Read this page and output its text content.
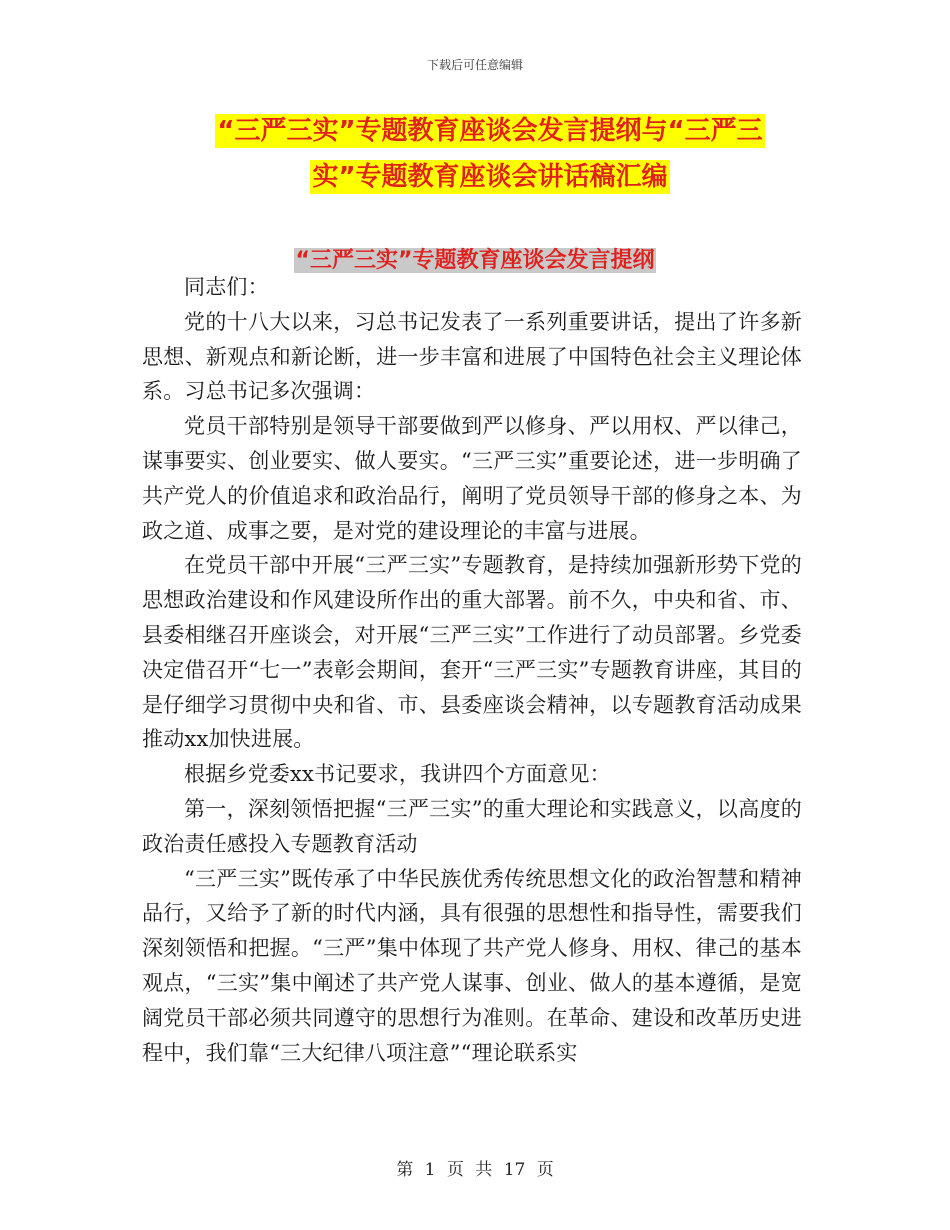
下载后可任意编辑
“三严三实”专题教育座谈会发言提纲与“三严三
实”专题教育座谈会讲话稿汇编
“三严三实”专题教育座谈会发言提纲

同志们：

党的十八大以来，习总书记发表了一系列重要讲话，提出了许多新思想、新观点和新论断，进一步丰富和进展了中国特色社会主义理论体系。习总书记多次强调：

党员干部特别是领导干部要做到严以修身、严以用权、严以律己，谋事要实、创业要实、做人要实。“三严三实”重要论述，进一步明确了共产党人的价值追求和政治品行，阐明了党员领导干部的修身之本、为政之道、成事之要，是对党的建设理论的丰富与进展。

在党员干部中开展“三严三实”专题教育，是持续加强新形势下党的思想政治建设和作风建设所作出的重大部署。前不久，中央和省、市、县委相继召开座谈会，对开展“三严三实”工作进行了动员部署。乡党委决定借召开“七一”表彰会期间，套开“三严三实”专题教育讲座，其目的是仔细学习贯彻中央和省、市、县委座谈会精神，以专题教育活动成果推动xx加快进展。

根据乡党委xx书记要求，我讲四个方面意见：

第一，深刻领悟把握“三严三实”的重大理论和实践意义，以高度的政治责任感投入专题教育活动

“三严三实”既传承了中华民族优秀传统思想文化的政治智慧和精神品行，又给予了新的时代内涵，具有很强的思想性和指导性，需要我们深刻领悟和把握。“三严”集中体现了共产党人修身、用权、律己的基本观点，“三实”集中阐述了共产党人谋事、创业、做人的基本遵循，是宽阔党员干部必须共同遵守的思想行为准则。在革命、建设和改革历史进程中，我们靠“三大纪律八项注意”“理论联系实

第 1 页 共 17 页
